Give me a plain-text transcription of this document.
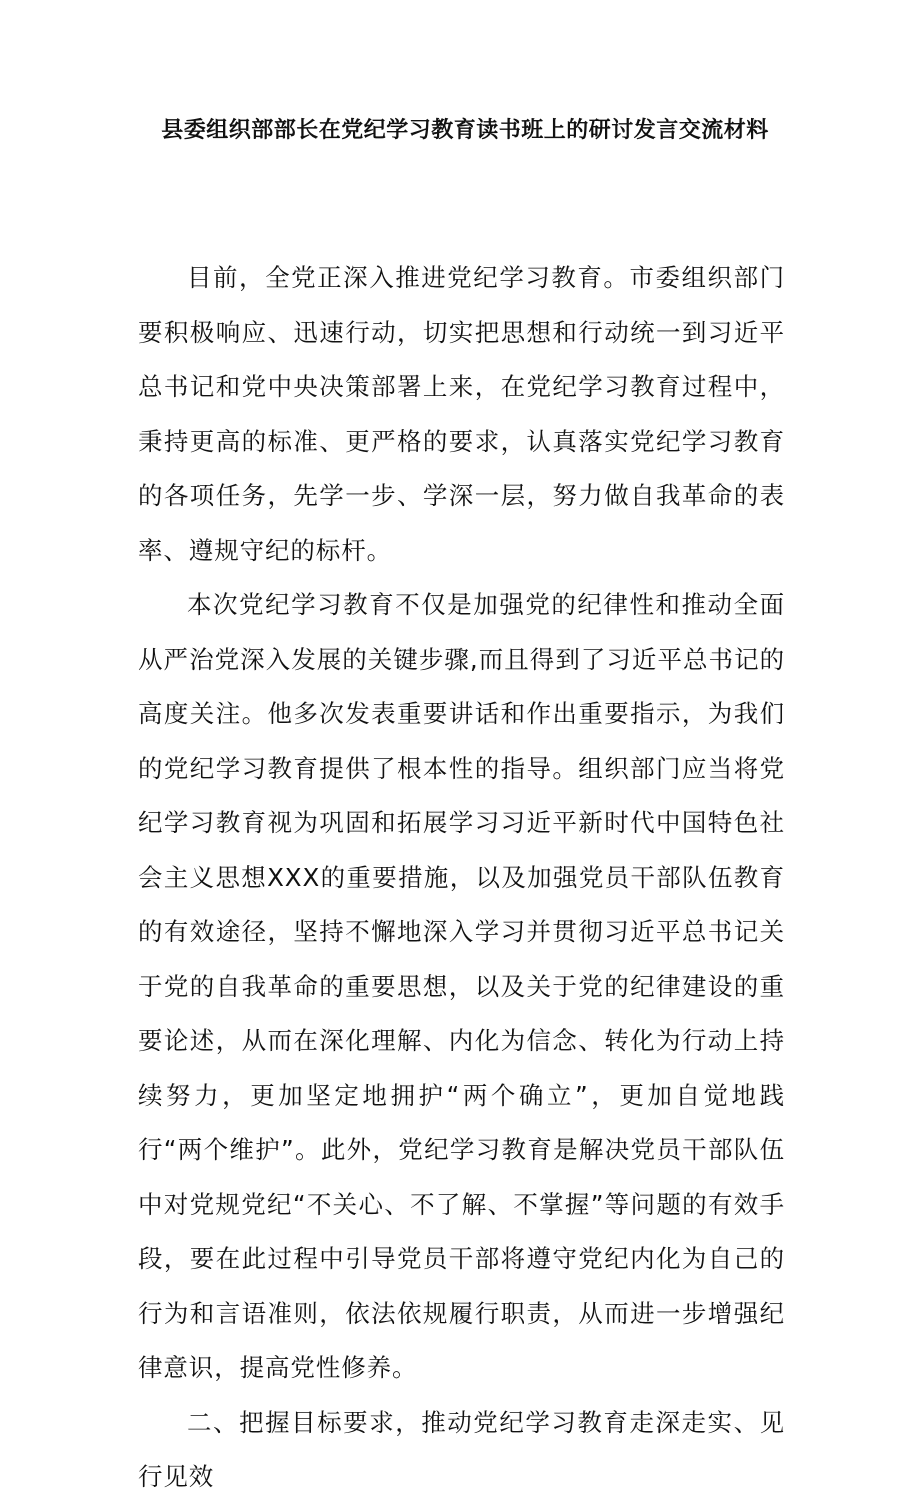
县委组织部部长在党纪学习教育读书班上的研讨发言交流材料

目前，全党正深入推进党纪学习教育。市委组织部门要积极响应、迅速行动，切实把思想和行动统一到习近平总书记和党中央决策部署上来，在党纪学习教育过程中，秉持更高的标准、更严格的要求，认真落实党纪学习教育的各项任务，先学一步、学深一层，努力做自我革命的表率、遵规守纪的标杆。

本次党纪学习教育不仅是加强党的纪律性和推动全面从严治党深入发展的关键步骤,而且得到了习近平总书记的高度关注。他多次发表重要讲话和作出重要指示，为我们的党纪学习教育提供了根本性的指导。组织部门应当将党纪学习教育视为巩固和拓展学习习近平新时代中国特色社会主义思想XXX的重要措施，以及加强党员干部队伍教育的有效途径，坚持不懈地深入学习并贯彻习近平总书记关于党的自我革命的重要思想，以及关于党的纪律建设的重要论述，从而在深化理解、内化为信念、转化为行动上持续努力，更加坚定地拥护“两个确立”，更加自觉地践行“两个维护”。此外，党纪学习教育是解决党员干部队伍中对党规党纪“不关心、不了解、不掌握”等问题的有效手段，要在此过程中引导党员干部将遵守党纪内化为自己的行为和言语准则，依法依规履行职责，从而进一步增强纪律意识，提高党性修养。

二、把握目标要求，推动党纪学习教育走深走实、见行见效
